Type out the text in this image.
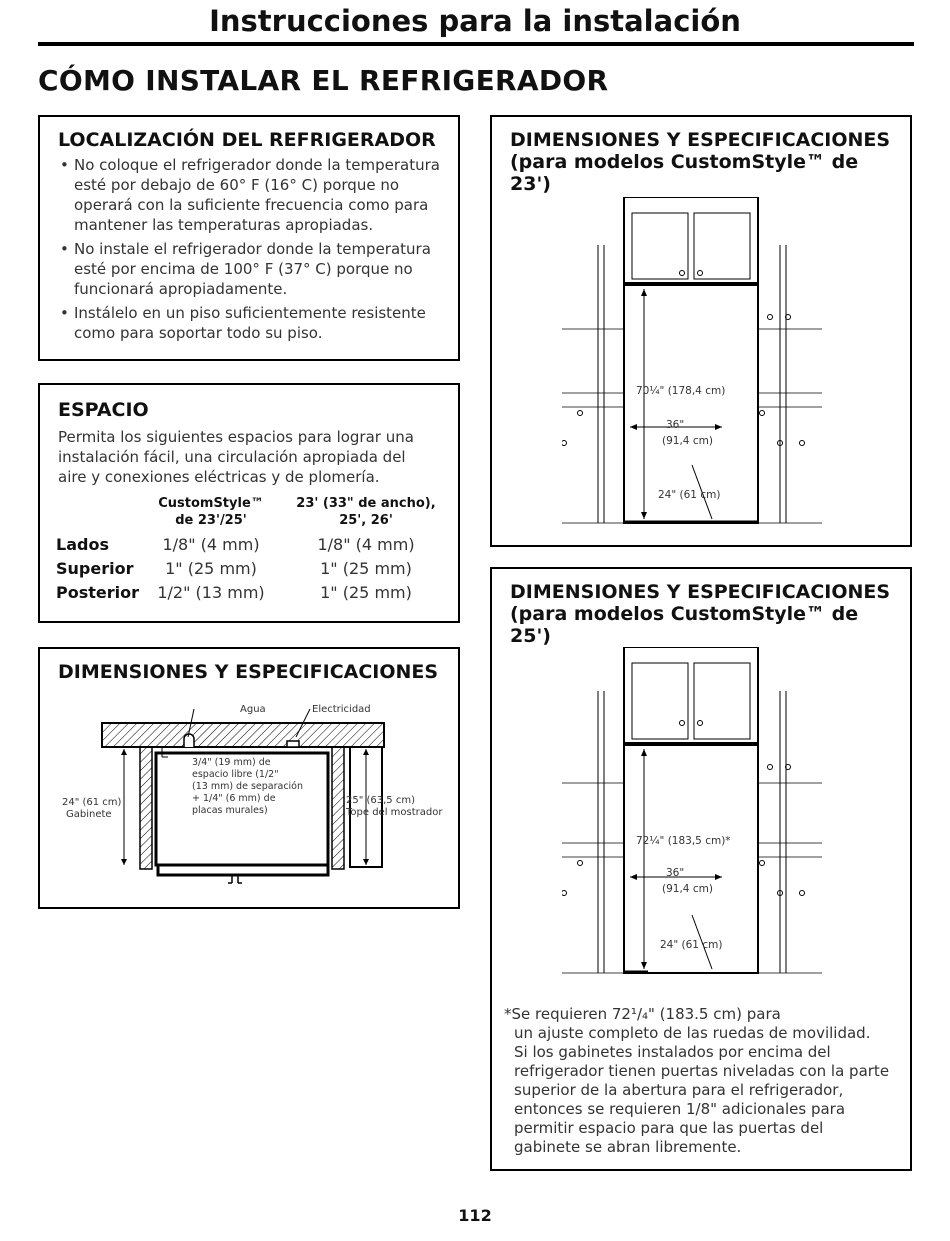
Instrucciones para la instalación
CÓMO INSTALAR EL REFRIGERADOR
LOCALIZACIÓN DEL REFRIGERADOR
• No coloque el refrigerador donde la temperatura esté por debajo de 60° F (16° C) porque no operará con la suficiente frecuencia como para mantener las temperaturas apropiadas.
• No instale el refrigerador donde la temperatura esté por encima de 100° F (37° C) porque no funcionará apropiadamente.
• Instálelo en un piso suficientemente resistente como para soportar todo su piso.
ESPACIO
Permita los siguientes espacios para lograr una instalación fácil, una circulación apropiada del aire y conexiones eléctricas y de plomería.
CustomStyle™
de 23'/25'
23' (33" de ancho),
25', 26'
Lados	1/8" (4 mm)	1/8" (4 mm)
Superior	1" (25 mm)	1" (25 mm)
Posterior	1/2" (13 mm)	1" (25 mm)
DIMENSIONES Y ESPECIFICACIONES
Agua	Electricidad
24" (61 cm)
Gabinete
3/4" (19 mm) de
espacio libre (1/2"
(13 mm) de separación
+ 1/4" (6 mm) de
placas murales)
25" (63,5 cm)
Tope del mostrador
DIMENSIONES Y ESPECIFICACIONES
(para modelos CustomStyle™ de 23')
70¹⁄₄" (178,4 cm)
36"
(91,4 cm)
24" (61 cm)
DIMENSIONES Y ESPECIFICACIONES
(para modelos CustomStyle™ de 25')
72¹⁄₄" (183,5 cm)*
36"
(91,4 cm)
24" (61 cm)
*Se requieren 72¹/₄" (183.5 cm) para
un ajuste completo de las ruedas de movilidad.
Si los gabinetes instalados por encima del
refrigerador tienen puertas niveladas con la parte
superior de la abertura para el refrigerador,
entonces se requieren 1/8" adicionales para
permitir espacio para que las puertas del
gabinete se abran libremente.
112
